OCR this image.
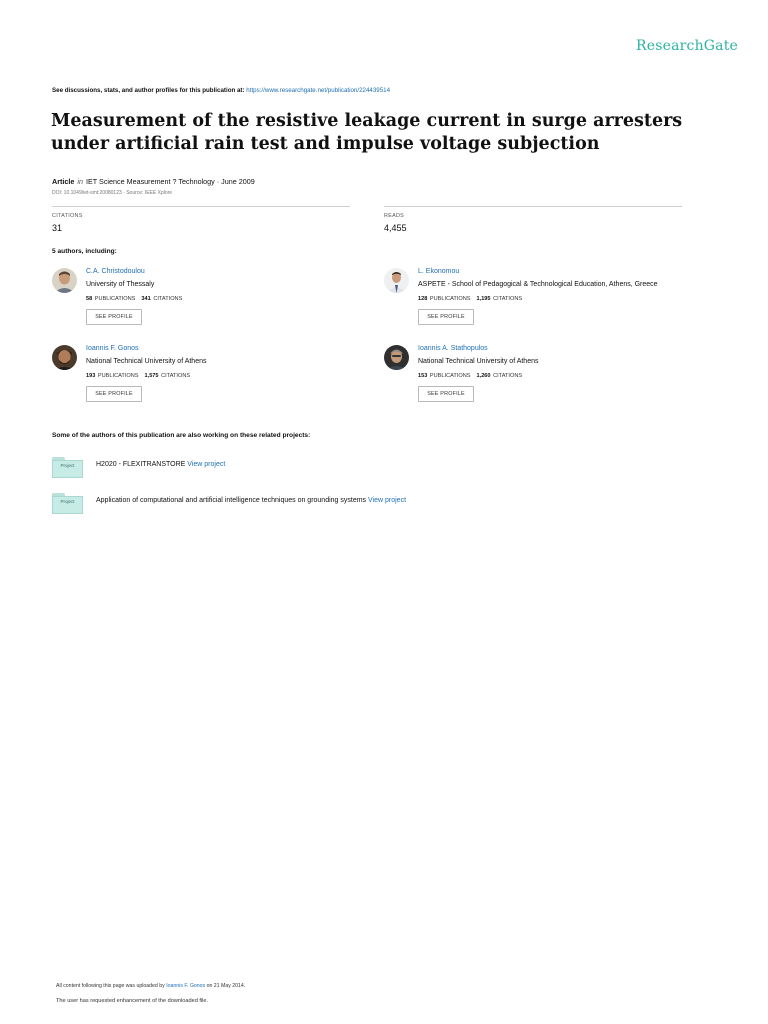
ResearchGate
See discussions, stats, and author profiles for this publication at: https://www.researchgate.net/publication/224439514
Measurement of the resistive leakage current in surge arresters under artificial rain test and impulse voltage subjection
Article in IET Science Measurement ? Technology · June 2009
DOI: 10.1049/iet-smt:20080123 · Source: IEEE Xplore
CITATIONS
31
READS
4,455
5 authors, including:
C.A. Christodoulou
University of Thessaly
58 PUBLICATIONS 341 CITATIONS
SEE PROFILE
L. Ekonomou
ASPETE - School of Pedagogical & Technological Education, Athens, Greece
128 PUBLICATIONS 1,195 CITATIONS
SEE PROFILE
Ioannis F. Gonos
National Technical University of Athens
193 PUBLICATIONS 1,575 CITATIONS
SEE PROFILE
Ioannis A. Stathopulos
National Technical University of Athens
153 PUBLICATIONS 1,260 CITATIONS
SEE PROFILE
Some of the authors of this publication are also working on these related projects:
Project	H2020 - FLEXITRANSTORE View project
Project	Application of computational and artificial intelligence techniques on grounding systems View project
All content following this page was uploaded by Ioannis F. Gonos on 21 May 2014.
The user has requested enhancement of the downloaded file.
